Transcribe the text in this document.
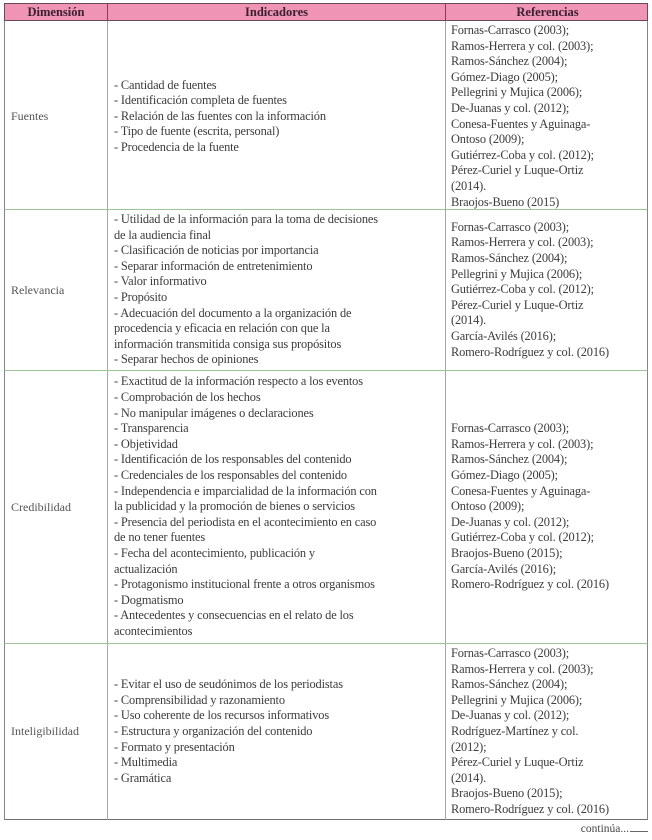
Dimensión	Indicadores	Referencias
Fuentes
- Cantidad de fuentes
- Identificación completa de fuentes
- Relación de las fuentes con la información
- Tipo de fuente (escrita, personal)
- Procedencia de la fuente
Fornas-Carrasco (2003);
Ramos-Herrera y col. (2003);
Ramos-Sánchez (2004);
Gómez-Diago (2005);
Pellegrini y Mujica (2006);
De-Juanas y col. (2012);
Conesa-Fuentes y Aguinaga-
Ontoso (2009);
Gutiérrez-Coba y col. (2012);
Pérez-Curiel y Luque-Ortiz
(2014).
Braojos-Bueno (2015)
Relevancia
- Utilidad de la información para la toma de decisiones
de la audiencia final
- Clasificación de noticias por importancia
- Separar información de entretenimiento
- Valor informativo
- Propósito
- Adecuación del documento a la organización de
procedencia y eficacia en relación con que la
información transmitida consiga sus propósitos
- Separar hechos de opiniones
Fornas-Carrasco (2003);
Ramos-Herrera y col. (2003);
Ramos-Sánchez (2004);
Pellegrini y Mujica (2006);
Gutiérrez-Coba y col. (2012);
Pérez-Curiel y Luque-Ortiz
(2014).
García-Avilés (2016);
Romero-Rodríguez y col. (2016)
Credibilidad
- Exactitud de la información respecto a los eventos
- Comprobación de los hechos
- No manipular imágenes o declaraciones
- Transparencia
- Objetividad
- Identificación de los responsables del contenido
- Credenciales de los responsables del contenido
- Independencia e imparcialidad de la información con
la publicidad y la promoción de bienes o servicios
- Presencia del periodista en el acontecimiento en caso
de no tener fuentes
- Fecha del acontecimiento, publicación y
actualización
- Protagonismo institucional frente a otros organismos
- Dogmatismo
- Antecedentes y consecuencias en el relato de los
acontecimientos
Fornas-Carrasco (2003);
Ramos-Herrera y col. (2003);
Ramos-Sánchez (2004);
Gómez-Diago (2005);
Conesa-Fuentes y Aguinaga-
Ontoso (2009);
De-Juanas y col. (2012);
Gutiérrez-Coba y col. (2012);
Braojos-Bueno (2015);
García-Avilés (2016);
Romero-Rodríguez y col. (2016)
Inteligibilidad
- Evitar el uso de seudónimos de los periodistas
- Comprensibilidad y razonamiento
- Uso coherente de los recursos informativos
- Estructura y organización del contenido
- Formato y presentación
- Multimedia
- Gramática
Fornas-Carrasco (2003);
Ramos-Herrera y col. (2003);
Ramos-Sánchez (2004);
Pellegrini y Mujica (2006);
De-Juanas y col. (2012);
Rodríguez-Martínez y col.
(2012);
Pérez-Curiel y Luque-Ortiz
(2014).
Braojos-Bueno (2015);
Romero-Rodríguez y col. (2016)
continúa...
